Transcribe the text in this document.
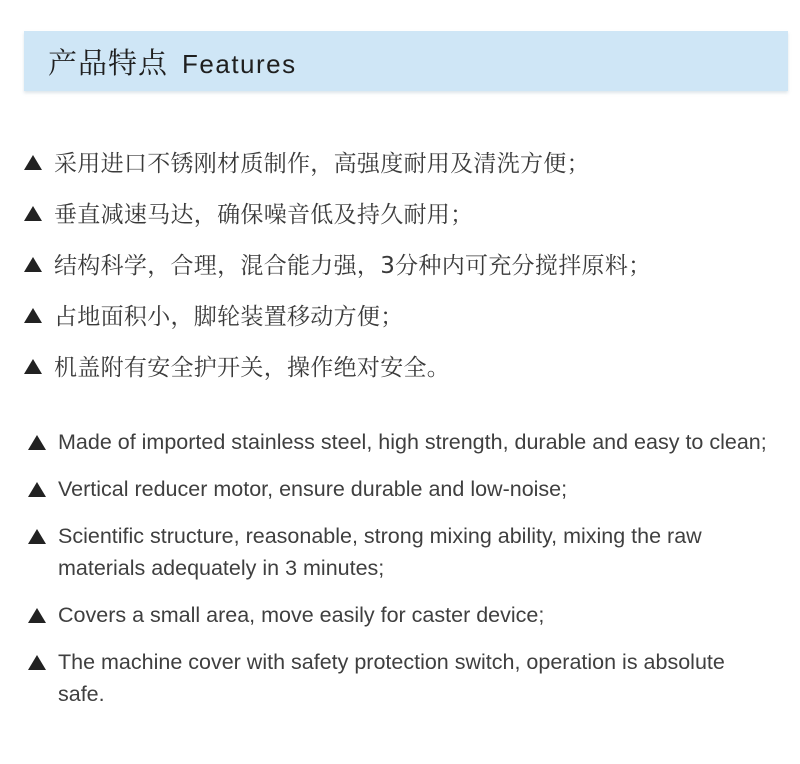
产品特点 Features
采用进口不锈刚材质制作，高强度耐用及清洗方便；
垂直减速马达，确保噪音低及持久耐用；
结构科学，合理，混合能力强，3分种内可充分搅拌原料；
占地面积小，脚轮装置移动方便；
机盖附有安全护开关，操作绝对安全。
Made of imported stainless steel, high strength, durable and easy to clean;
Vertical reducer motor, ensure durable and low-noise;
Scientific structure, reasonable, strong mixing ability, mixing the raw materials adequately in 3 minutes;
Covers a small area, move easily for caster device;
The machine cover with safety protection switch, operation is absolute safe.
